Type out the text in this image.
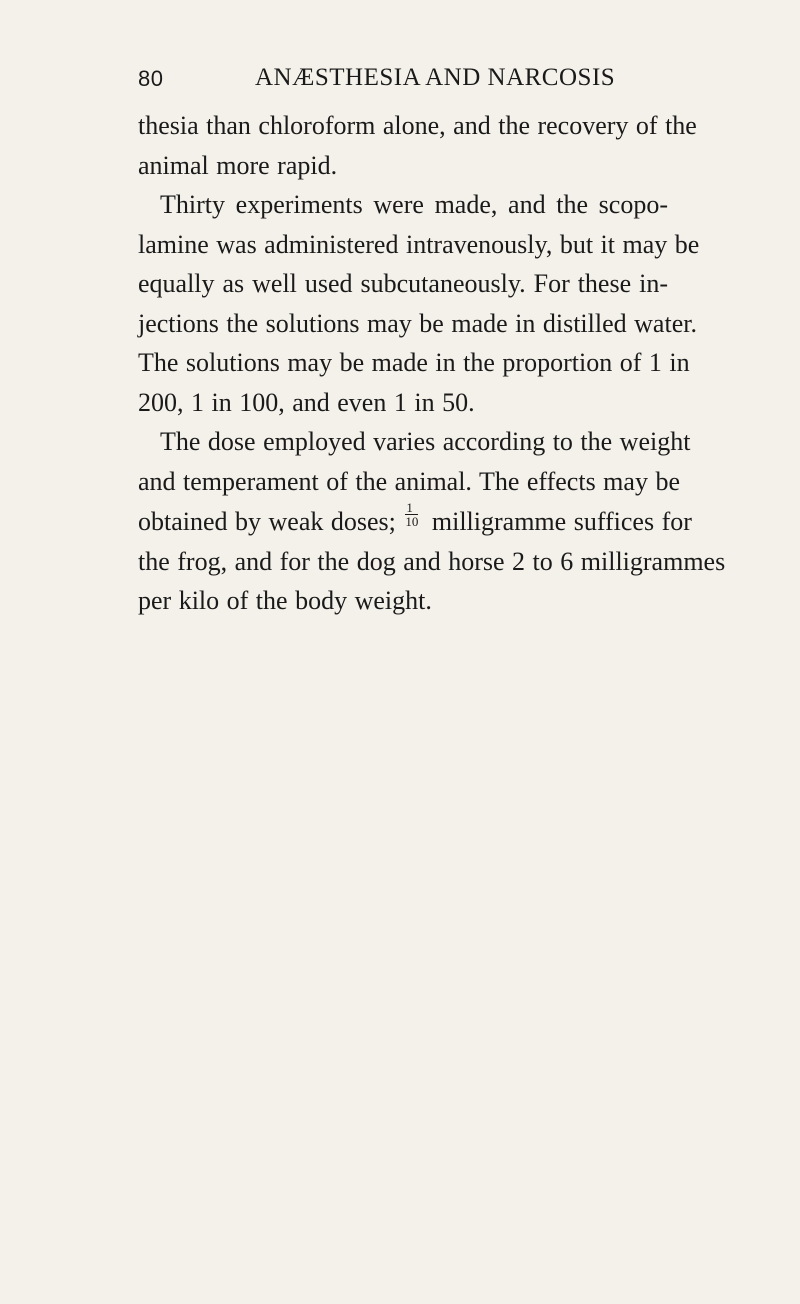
80	ANÆSTHESIA AND NARCOSIS
thesia than chloroform alone, and the recovery of the
animal more rapid.
Thirty experiments were made, and the scopo-
lamine was administered intravenously, but it may be
equally as well used subcutaneously. For these in-
jections the solutions may be made in distilled water.
The solutions may be made in the proportion of 1 in
200, 1 in 100, and even 1 in 50.
The dose employed varies according to the weight
and temperament of the animal. The effects may be
obtained by weak doses; $\frac{1}{10}$ milligramme suffices for
the frog, and for the dog and horse 2 to 6 milligrammes
per kilo of the body weight.
